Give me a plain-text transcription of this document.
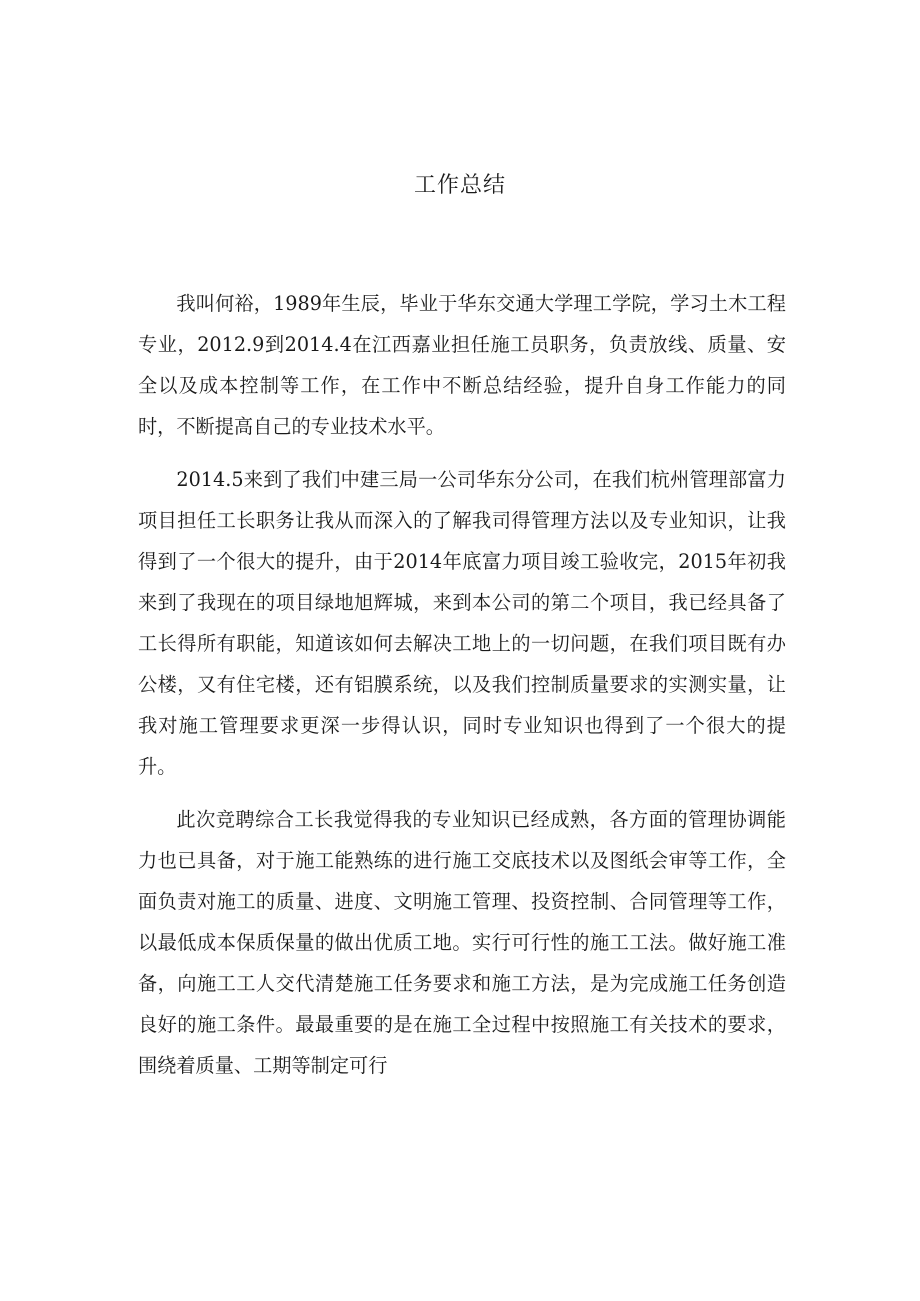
工作总结

我叫何裕，1989年生辰，毕业于华东交通大学理工学院，学习土木工程专业，2012.9到2014.4在江西嘉业担任施工员职务，负责放线、质量、安全以及成本控制等工作，在工作中不断总结经验，提升自身工作能力的同时，不断提高自己的专业技术水平。

2014.5来到了我们中建三局一公司华东分公司，在我们杭州管理部富力项目担任工长职务让我从而深入的了解我司得管理方法以及专业知识，让我得到了一个很大的提升，由于2014年底富力项目竣工验收完，2015年初我来到了我现在的项目绿地旭辉城，来到本公司的第二个项目，我已经具备了工长得所有职能，知道该如何去解决工地上的一切问题，在我们项目既有办公楼，又有住宅楼，还有铝膜系统，以及我们控制质量要求的实测实量，让我对施工管理要求更深一步得认识，同时专业知识也得到了一个很大的提升。

此次竞聘综合工长我觉得我的专业知识已经成熟，各方面的管理协调能力也已具备，对于施工能熟练的进行施工交底技术以及图纸会审等工作，全面负责对施工的质量、进度、文明施工管理、投资控制、合同管理等工作，以最低成本保质保量的做出优质工地。实行可行性的施工工法。做好施工准备，向施工工人交代清楚施工任务要求和施工方法，是为完成施工任务创造良好的施工条件。最最重要的是在施工全过程中按照施工有关技术的要求，围绕着质量、工期等制定可行
